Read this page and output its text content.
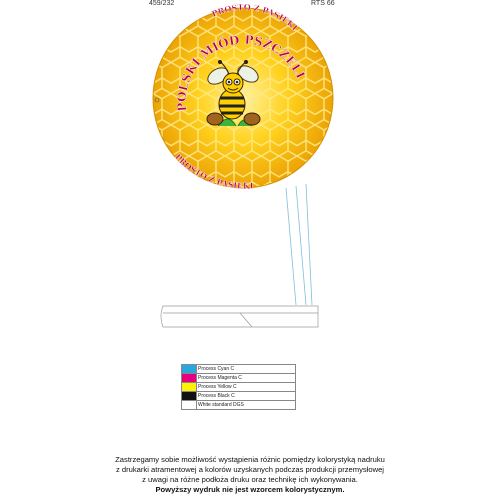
459/232	RTS 66
POLSKI MIÓD PSZCZELI
PROSTO Z PASIEKI
PROSTO Z PASIEKI
	Process Cyan C
	Process Magenta C
	Process Yellow C
	Process Black C
	White standard DGS
Zastrzegamy sobie możliwość wystąpienia różnic pomiędzy kolorystyką nadruku
z drukarki atramentowej a kolorów uzyskanych podczas produkcji przemysłowej
z uwagi na różne podłoża druku oraz technikę ich wykonywania.
Powyższy wydruk nie jest wzorcem kolorystycznym.
